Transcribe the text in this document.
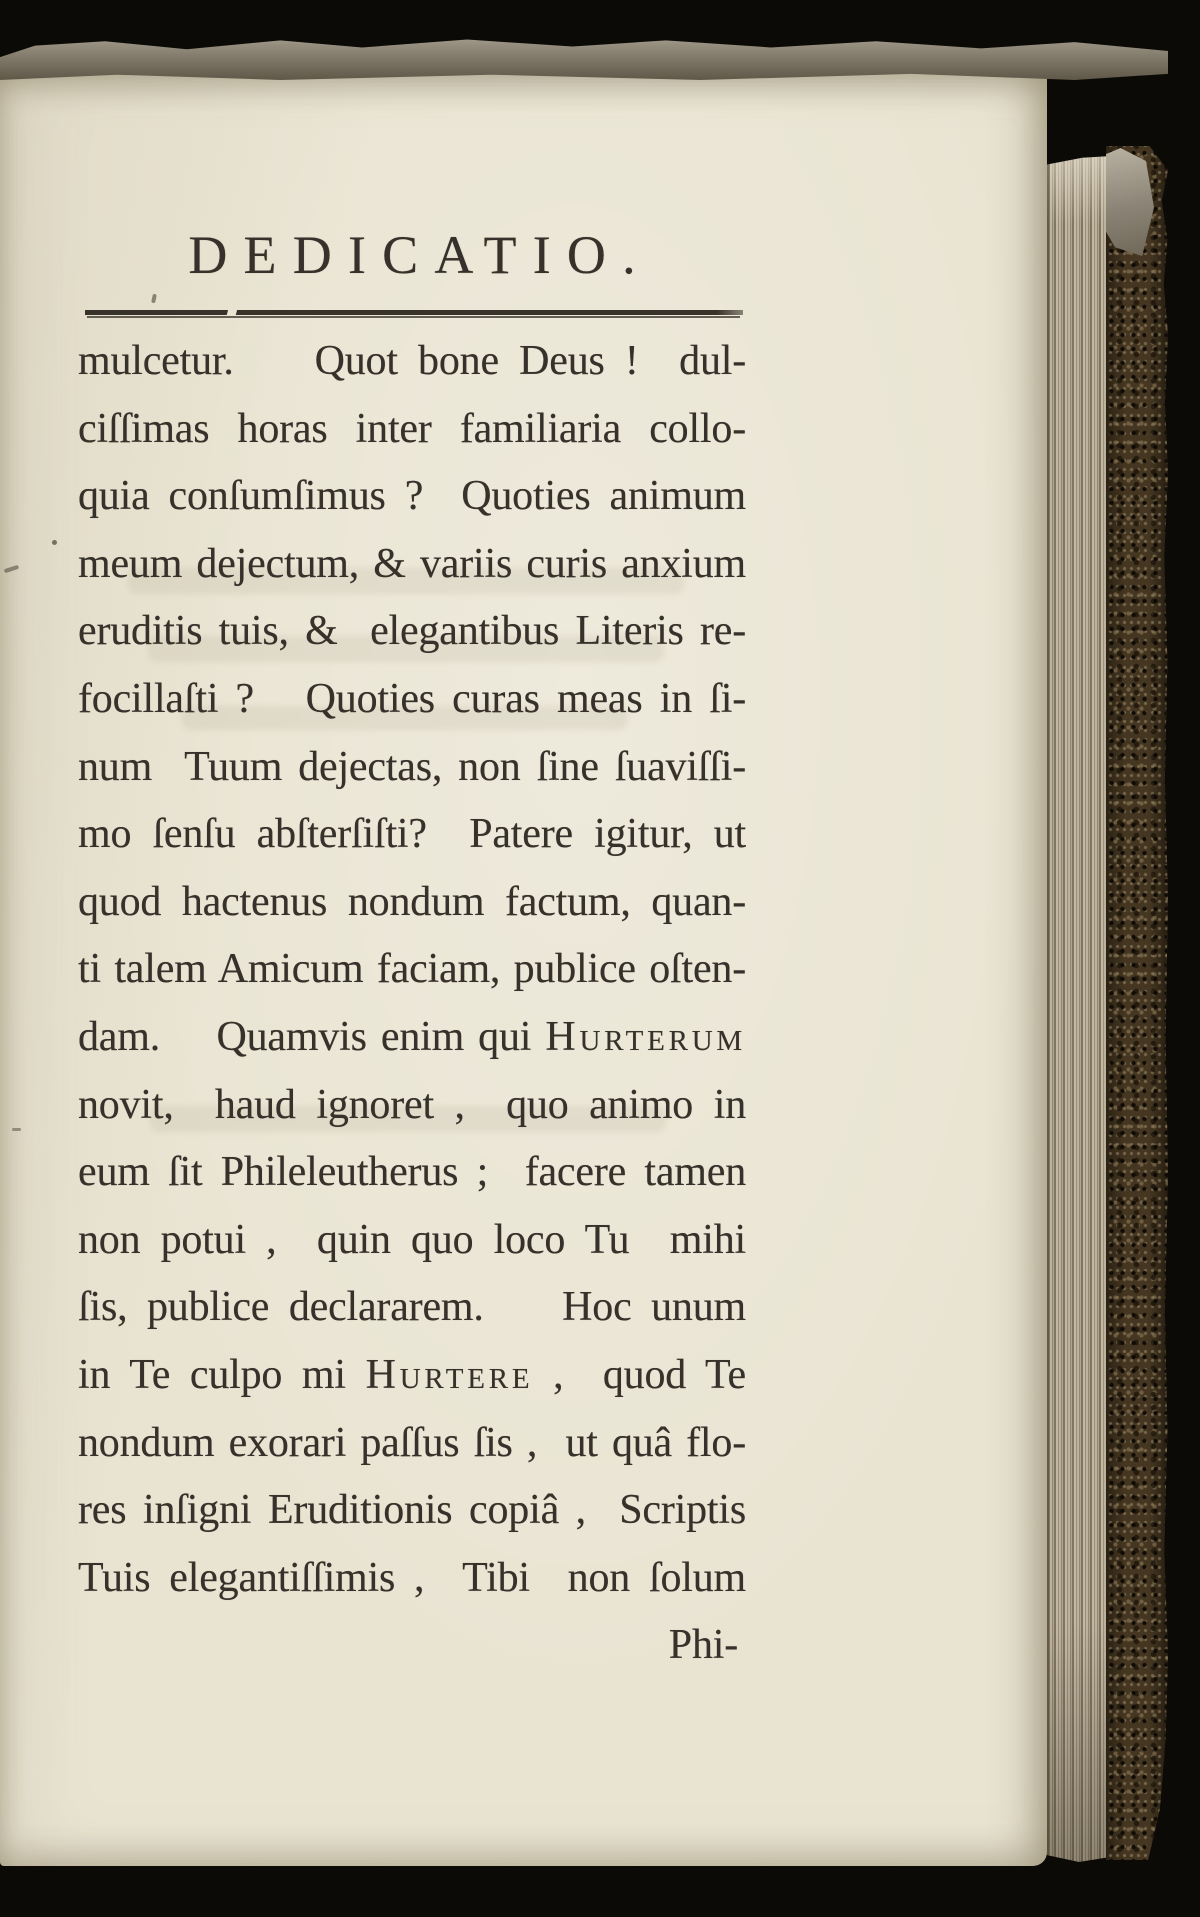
DEDICATIO.
mulcetur.    Quot bone Deus !  dul-
ciſſimas horas inter familiaria collo-
quia conſumſimus ?  Quoties animum
meum dejectum, & variis curis anxium
eruditis tuis, &  elegantibus Literis re-
focillaſti ?   Quoties curas meas in ſi-
num  Tuum dejectas, non ſine ſuaviſſi-
mo ſenſu abſterſiſti?  Patere igitur, ut
quod hactenus nondum factum, quan-
ti talem Amicum faciam, publice oſten-
dam.    Quamvis enim qui Hurterum
novit,  haud ignoret ,  quo animo in
eum ſit Phileleutherus ;  facere tamen
non potui ,  quin quo loco Tu  mihi
ſis, publice declararem.    Hoc unum
in Te culpo mi Hurtere ,  quod Te
nondum exorari paſſus ſis ,  ut quâ flo-
res inſigni Eruditionis copiâ ,  Scriptis
Tuis elegantiſſimis ,  Tibi  non ſolum
Phi-
